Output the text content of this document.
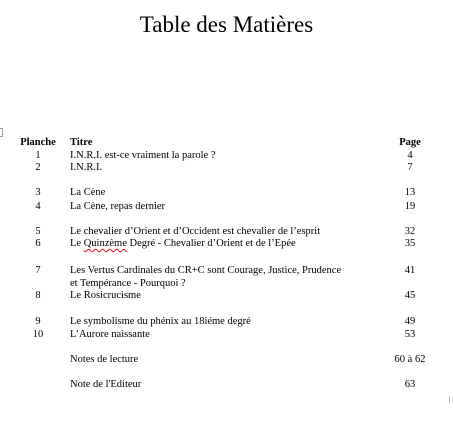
Table des Matières
Planche Titre	Page
1	I.N.R.I. est-ce vraiment la parole ?	4
2	I.N.R.I.	7
3	La Cène	13
4	La Cène, repas dernier	19
5	Le chevalier d’Orient et d’Occident est chevalier de l’esprit	32
6	Le Quinzème Degré - Chevalier d’Orient et de l’Epée	35
7	Les Vertus Cardinales du CR+C sont Courage, Justice, Prudence	41
et Tempérance - Pourquoi ?
8	Le Rosicrucisme	45
9	Le symbolisme du phénix au 18iéme degré	49
10	L’Aurore naissante	53
Notes de lecture	60 à 62
Note de l'Editeur	63
